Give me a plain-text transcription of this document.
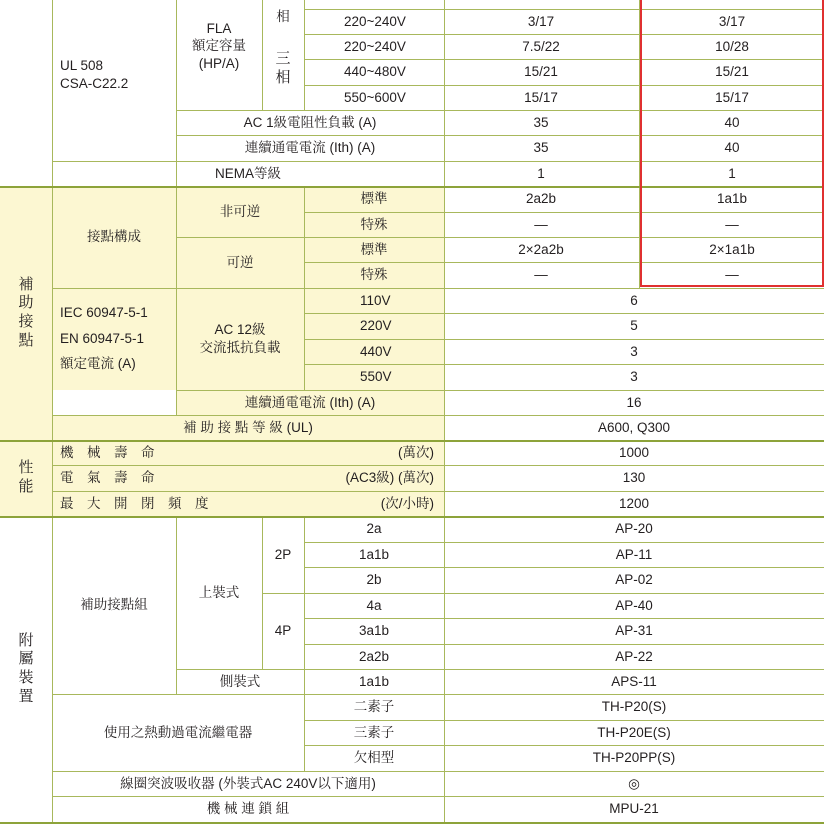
相
FLA
額定容量
(HP/A)
UL 508
CSA-C22.2
三
相
220~240V	3/17	3/17
220~240V	7.5/22	10/28
440~480V	15/21	15/21
550~600V	15/17	15/17
AC 1級電阻性負載 (A)	35	40
連續通電電流 (Ith) (A)	35	40
NEMA等級	1	1
補
助
接
點
接點構成
非可逆
標準	2a2b	1a1b
特殊	—	—
可逆
標準	2×2a2b	2×1a1b
特殊	—	—
IEC 60947-5-1

EN 60947-5-1

額定電流 (A)
AC 12級
交流抵抗負載
110V	6
220V	5
440V	3
550V	3
連續通電電流 (Ith) (A)	16
補 助 接 點 等 級 (UL)	A600, Q300
性
能
機　械　壽　命	(萬次)	1000
電　氣　壽　命	(AC3級) (萬次)	130
最　大　開　閉　頻　度	(次/小時)	1200
附
屬
裝
置
補助接點組
上裝式
2P
2a	AP-20
1a1b	AP-11
2b	AP-02
4P
4a	AP-40
3a1b	AP-31
2a2b	AP-22
側裝式	1a1b	APS-11
使用之熱動過電流繼電器
二素子	TH-P20(S)
三素子	TH-P20E(S)
欠相型	TH-P20PP(S)
線圈突波吸收器 (外裝式AC 240V以下適用)	◎
機 械 連 鎖 組	MPU-21
